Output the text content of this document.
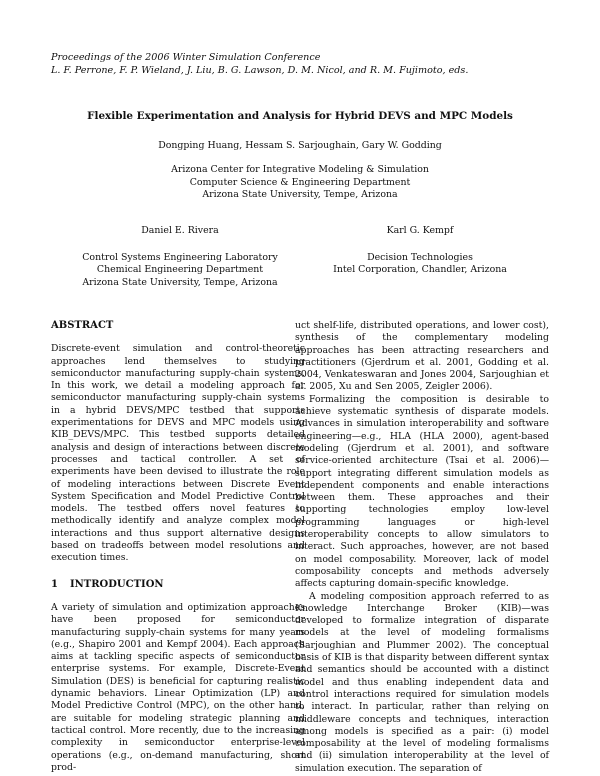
Proceedings of the 2006 Winter Simulation Conference
L. F. Perrone, F. P. Wieland, J. Liu, B. G. Lawson, D. M. Nicol, and R. M. Fujimoto, eds.
Flexible Experimentation and Analysis for Hybrid DEVS and MPC Models
Dongping Huang, Hessam S. Sarjoughain, Gary W. Godding
Arizona Center for Integrative Modeling & Simulation
Computer Science & Engineering Department
Arizona State University, Tempe, Arizona
Daniel E. Rivera
Control Systems Engineering Laboratory
Chemical Engineering Department
Arizona State University, Tempe, Arizona
Karl G. Kempf
Decision Technologies
Intel Corporation, Chandler, Arizona
ABSTRACT

Discrete-event simulation and control-theoretic approaches lend themselves to studying semiconductor manufacturing supply-chain systems. In this work, we detail a modeling approach for semiconductor manufacturing supply-chain systems in a hybrid DEVS/MPC testbed that supports experimentations for DEVS and MPC models using KIB_DEVS/MPC. This testbed supports detailed analysis and design of interactions between discrete processes and tactical controller. A set of experiments have been devised to illustrate the role of modeling interactions between Discrete Event System Specification and Model Predictive Control models. The testbed offers novel features to methodically identify and analyze complex model interactions and thus support alternative designs based on tradeoffs between model resolutions and execution times.

1 INTRODUCTION

A variety of simulation and optimization approaches have been proposed for semiconductor manufacturing supply-chain systems for many years (e.g., Shapiro 2001 and Kempf 2004). Each approach aims at tackling specific aspects of semiconductor enterprise systems. For example, Discrete-Event Simulation (DES) is beneficial for capturing realistic dynamic behaviors. Linear Optimization (LP) and Model Predictive Control (MPC), on the other hand, are suitable for modeling strategic planning and tactical control. More recently, due to the increasing complexity in semiconductor enterprise-level operations (e.g., on-demand manufacturing, short prod-

uct shelf-life, distributed operations, and lower cost), synthesis of the complementary modeling approaches has been attracting researchers and practitioners (Gjerdrum et al. 2001, Godding et al. 2004, Venkateswaran and Jones 2004, Sarjoughian et al. 2005, Xu and Sen 2005, Zeigler 2006).

Formalizing the composition is desirable to achieve systematic synthesis of disparate models. Advances in simulation interoperability and software engineering—e.g., HLA (HLA 2000), agent-based modeling (Gjerdrum et al. 2001), and software service-oriented architecture (Tsai et al. 2006)—support integrating different simulation models as independent components and enable interactions between them. These approaches and their supporting technologies employ low-level programming languages or high-level interoperability concepts to allow simulators to interact. Such approaches, however, are not based on model composability. Moreover, lack of model composability concepts and methods adversely affects capturing domain-specific knowledge.

A modeling composition approach referred to as Knowledge Interchange Broker (KIB)—was developed to formalize integration of disparate models at the level of modeling formalisms (Sarjoughian and Plummer 2002). The conceptual basis of KIB is that disparity between different syntax and semantics should be accounted with a distinct model and thus enabling independent data and control interactions required for simulation models to interact. In particular, rather than relying on middleware concepts and techniques, interaction among models is specified as a pair: (i) model composability at the level of modeling formalisms and (ii) simulation interoperability at the level of simulation execution. The separation of
